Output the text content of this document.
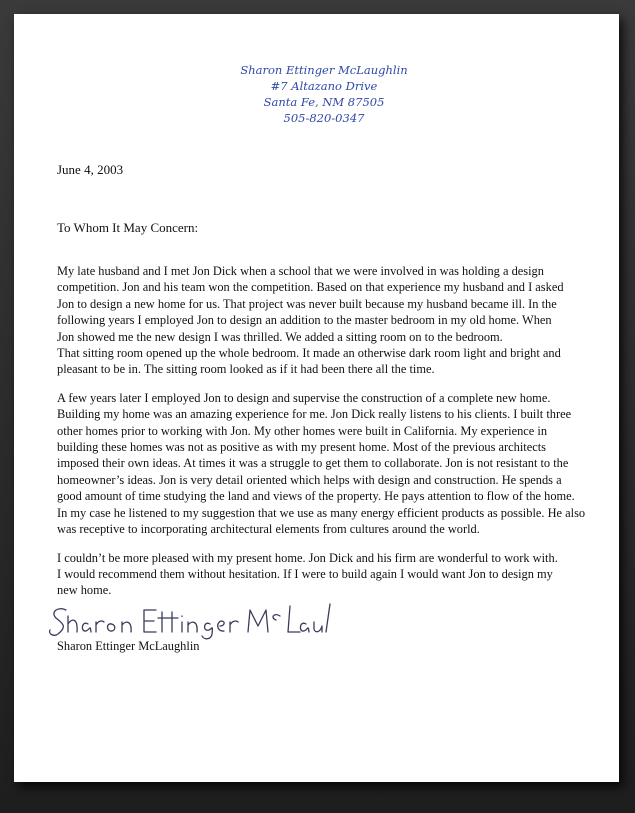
Sharon Ettinger McLaughlin
#7 Altazano Drive
Santa Fe, NM 87505
505-820-0347
June 4, 2003
To Whom It May Concern:

My late husband and I met Jon Dick when a school that we were involved in was holding a design
competition. Jon and his team won the competition. Based on that experience my husband and I asked
Jon to design a new home for us. That project was never built because my husband became ill. In the
following years I employed Jon to design an addition to the master bedroom in my old home. When
Jon showed me the new design I was thrilled. We added a sitting room on to the bedroom.
That sitting room opened up the whole bedroom. It made an otherwise dark room light and bright and
pleasant to be in. The sitting room looked as if it had been there all the time.

A few years later I employed Jon to design and supervise the construction of a complete new home.
Building my home was an amazing experience for me. Jon Dick really listens to his clients. I built three
other homes prior to working with Jon. My other homes were built in California. My experience in
building these homes was not as positive as with my present home. Most of the previous architects
imposed their own ideas. At times it was a struggle to get them to collaborate. Jon is not resistant to the
homeowner’s ideas. Jon is very detail oriented which helps with design and construction. He spends a
good amount of time studying the land and views of the property. He pays attention to flow of the home.
In my case he listened to my suggestion that we use as many energy efficient products as possible. He also
was receptive to incorporating architectural elements from cultures around the world.

I couldn’t be more pleased with my present home. Jon Dick and his firm are wonderful to work with.
I would recommend them without hesitation. If I were to build again I would want Jon to design my
new home.

Sharon Ettinger McLaughlin
